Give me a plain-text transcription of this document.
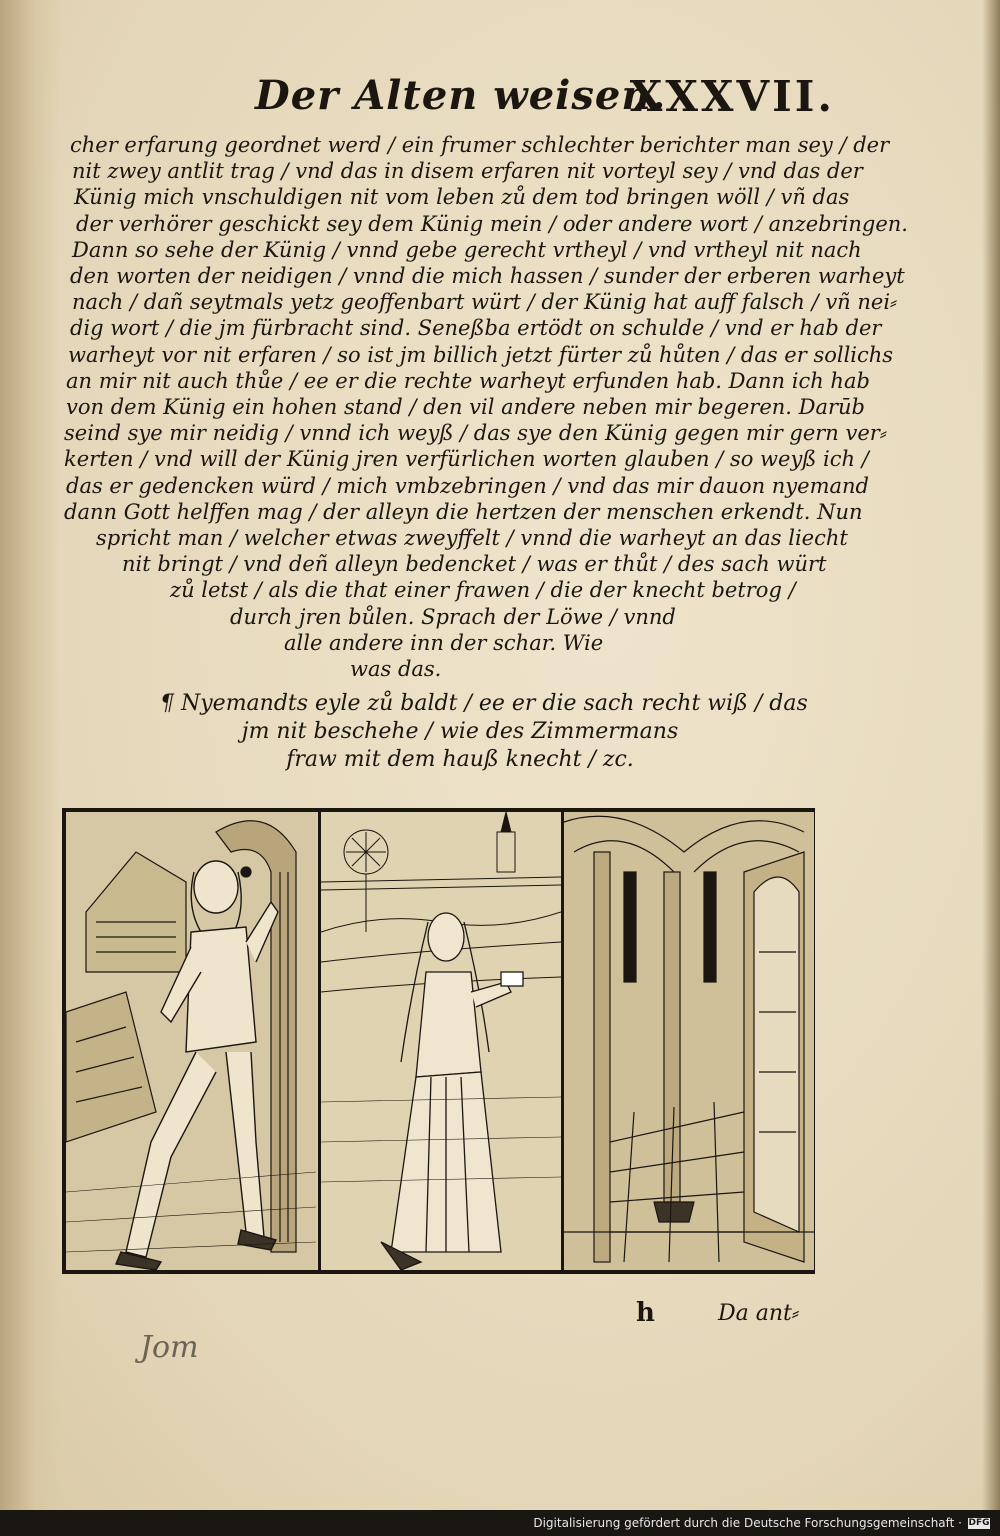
Der Alten weisen.
XXXVII.
cher erfarung geordnet werd / ein frumer schlechter berichter man sey / der
nit zwey antlit trag / vnd das in disem erfaren nit vorteyl sey / vnd das der
Künig mich vnschuldigen nit vom leben zů dem tod bringen wöll / vñ das
der verhörer geschickt sey dem Künig mein / oder andere wort / anzebringen.
Dann so sehe der Künig / vnnd gebe gerecht vrtheyl / vnd vrtheyl nit nach
den worten der neidigen / vnnd die mich hassen / sunder der erberen warheyt
nach / dañ seytmals yetz geoffenbart würt / der Künig hat auff falsch / vñ nei⸗
dig wort / die jm fürbracht sind. Seneßba ertödt on schulde / vnd er hab der
warheyt vor nit erfaren / so ist jm billich jetzt fürter zů hůten / das er sollichs
an mir nit auch thůe / ee er die rechte warheyt erfunden hab. Dann ich hab
von dem Künig ein hohen stand / den vil andere neben mir begeren. Darūb
seind sye mir neidig / vnnd ich weyß / das sye den Künig gegen mir gern ver⸗
kerten / vnd will der Künig jren verfürlichen worten glauben / so weyß ich /
das er gedencken würd / mich vmbzebringen / vnd das mir dauon nyemand
dann Gott helffen mag / der alleyn die hertzen der menschen erkendt. Nun
spricht man / welcher etwas zweyffelt / vnnd die warheyt an das liecht
nit bringt / vnd deñ alleyn bedencket / was er thůt / des sach würt
zů letst / als die that einer frawen / die der knecht betrog /
durch jren bůlen. Sprach der Löwe / vnnd
alle andere inn der schar. Wie
was das.
¶ Nyemandts eyle zů baldt / ee er die sach recht wiß / das
jm nit beschehe / wie des Zimmermans
fraw mit dem hauß knecht / zc.
h	Da ant⸗
Jom
Digitalisierung gefördert durch die Deutsche Forschungsgemeinschaft · DFG
